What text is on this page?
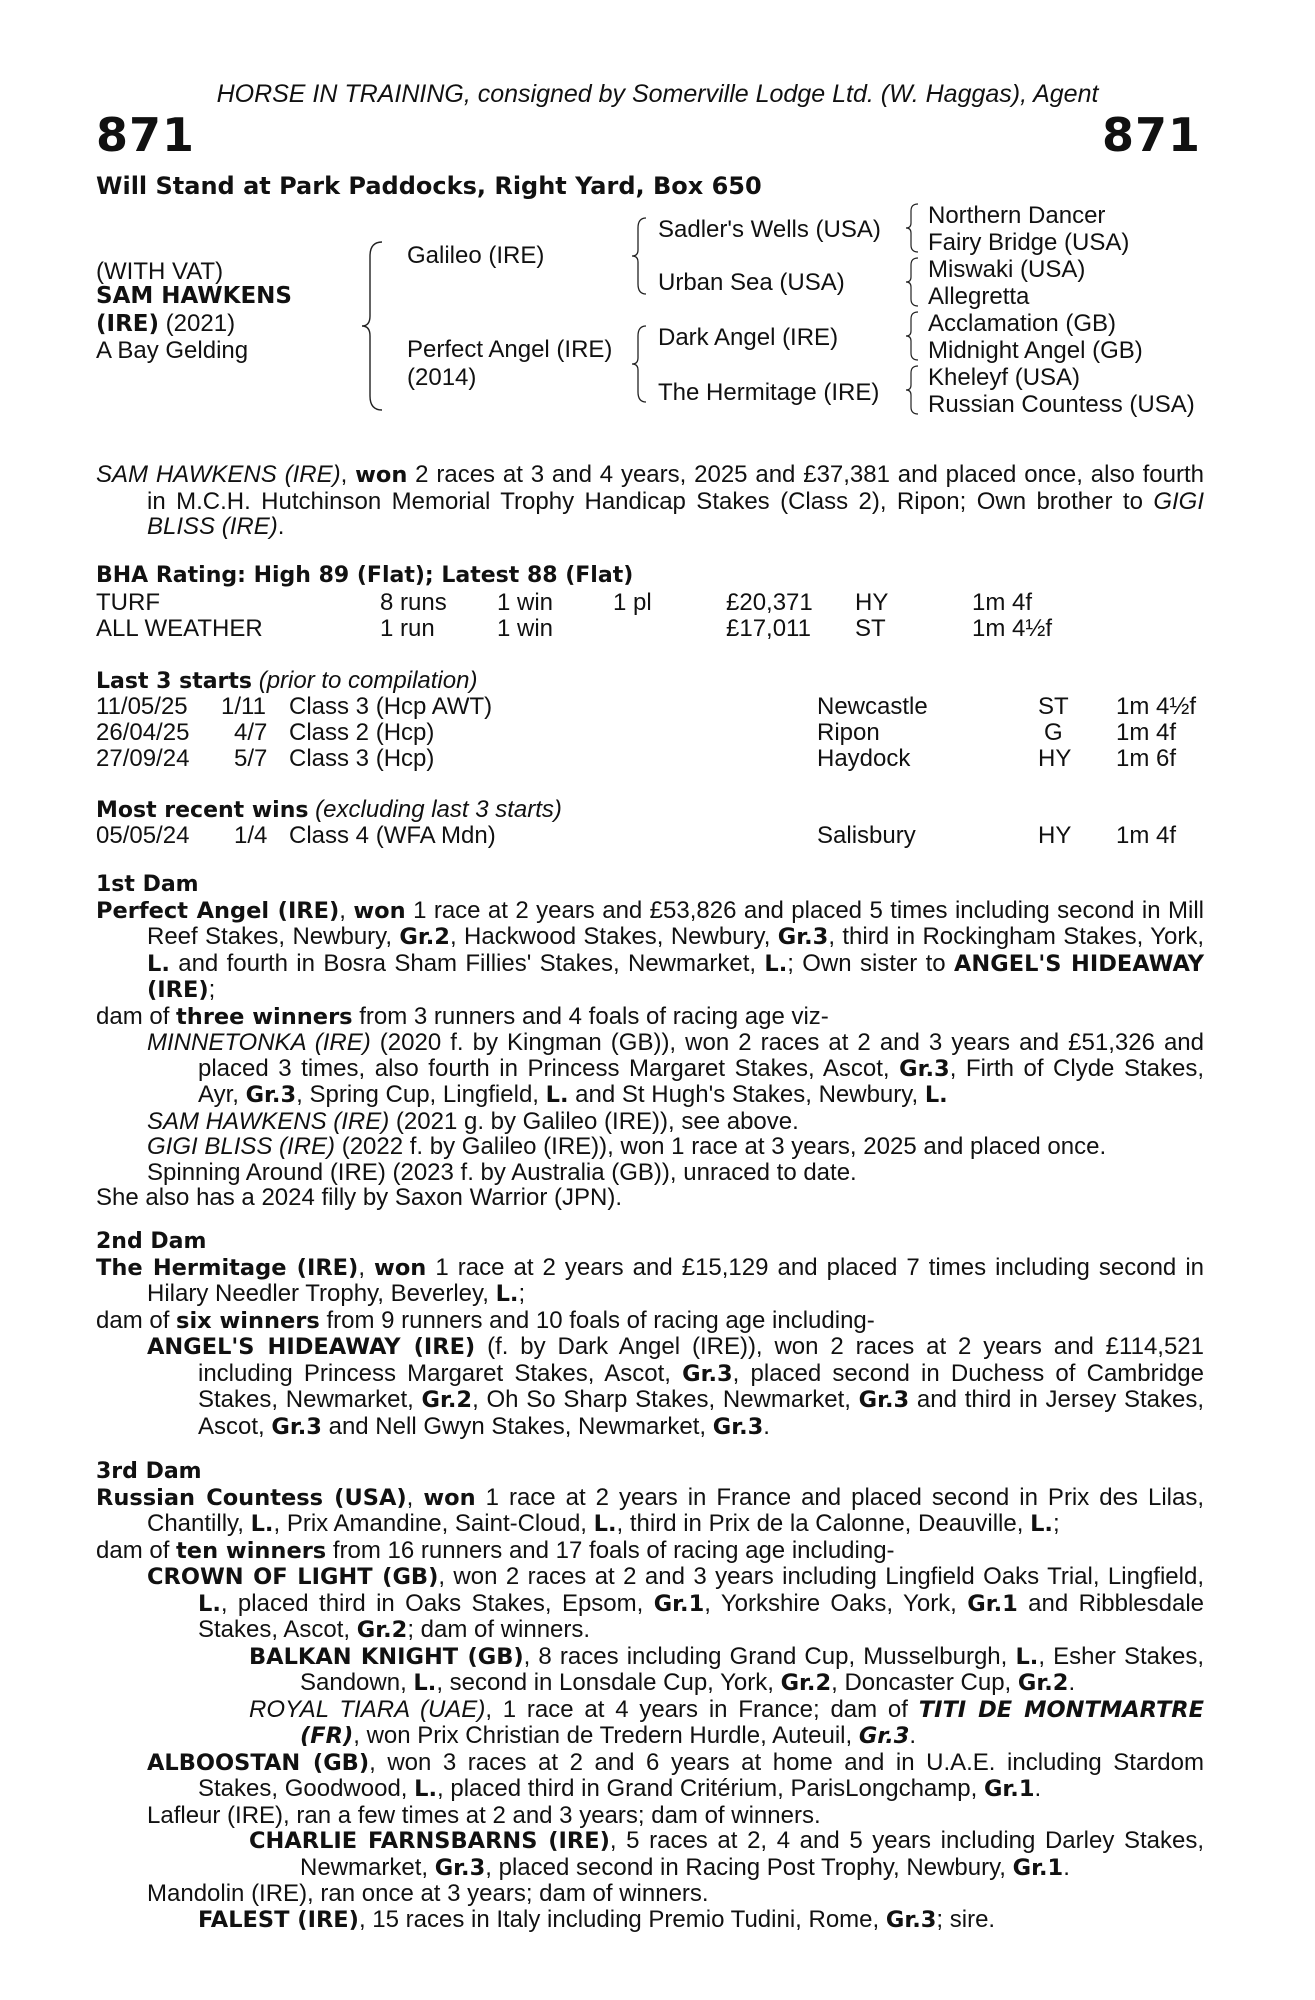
HORSE IN TRAINING, consigned by Somerville Lodge Ltd. (W. Haggas), Agent
871	871
Will Stand at Park Paddocks, Right Yard, Box 650
(WITH VAT)
SAM HAWKENS
(IRE) (2021)
A Bay Gelding
Galileo (IRE)
Perfect Angel (IRE)
(2014)
Sadler's Wells (USA)
Urban Sea (USA)
Dark Angel (IRE)
The Hermitage (IRE)
Northern Dancer
Fairy Bridge (USA)
Miswaki (USA)
Allegretta
Acclamation (GB)
Midnight Angel (GB)
Kheleyf (USA)
Russian Countess (USA)

SAM HAWKENS (IRE), won 2 races at 3 and 4 years, 2025 and £37,381 and placed once, also fourth in M.C.H. Hutchinson Memorial Trophy Handicap Stakes (Class 2), Ripon; Own brother to GIGI BLISS (IRE).

BHA Rating: High 89 (Flat); Latest 88 (Flat)
TURF	8 runs 1 win 1 pl	£20,371 HY	1m 4f
ALL WEATHER	1 run	1 win	£17,011 ST	1m 4½f
Last 3 starts (prior to compilation)
11/05/25 1/11 Class 3 (Hcp AWT)	Newcastle	ST 1m 4½f
26/04/25 4/7 Class 2 (Hcp)	Ripon	G 1m 4f
27/09/24 5/7 Class 3 (Hcp)	Haydock	HY 1m 6f
Most recent wins (excluding last 3 starts)
05/05/24 1/4 Class 4 (WFA Mdn)	Salisbury	HY 1m 4f

1st Dam

Perfect Angel (IRE), won 1 race at 2 years and £53,826 and placed 5 times including second in Mill Reef Stakes, Newbury, Gr.2, Hackwood Stakes, Newbury, Gr.3, third in Rockingham Stakes, York, L. and fourth in Bosra Sham Fillies' Stakes, Newmarket, L.; Own sister to ANGEL'S HIDEAWAY (IRE);

dam of three winners from 3 runners and 4 foals of racing age viz-

MINNETONKA (IRE) (2020 f. by Kingman (GB)), won 2 races at 2 and 3 years and £51,326 and placed 3 times, also fourth in Princess Margaret Stakes, Ascot, Gr.3, Firth of Clyde Stakes, Ayr, Gr.3, Spring Cup, Lingfield, L. and St Hugh's Stakes, Newbury, L.

SAM HAWKENS (IRE) (2021 g. by Galileo (IRE)), see above.

GIGI BLISS (IRE) (2022 f. by Galileo (IRE)), won 1 race at 3 years, 2025 and placed once.

Spinning Around (IRE) (2023 f. by Australia (GB)), unraced to date.

She also has a 2024 filly by Saxon Warrior (JPN).

2nd Dam

The Hermitage (IRE), won 1 race at 2 years and £15,129 and placed 7 times including second in Hilary Needler Trophy, Beverley, L.;

dam of six winners from 9 runners and 10 foals of racing age including-

ANGEL'S HIDEAWAY (IRE) (f. by Dark Angel (IRE)), won 2 races at 2 years and £114,521 including Princess Margaret Stakes, Ascot, Gr.3, placed second in Duchess of Cambridge Stakes, Newmarket, Gr.2, Oh So Sharp Stakes, Newmarket, Gr.3 and third in Jersey Stakes, Ascot, Gr.3 and Nell Gwyn Stakes, Newmarket, Gr.3.

3rd Dam

Russian Countess (USA), won 1 race at 2 years in France and placed second in Prix des Lilas, Chantilly, L., Prix Amandine, Saint-Cloud, L., third in Prix de la Calonne, Deauville, L.;

dam of ten winners from 16 runners and 17 foals of racing age including-

CROWN OF LIGHT (GB), won 2 races at 2 and 3 years including Lingfield Oaks Trial, Lingfield, L., placed third in Oaks Stakes, Epsom, Gr.1, Yorkshire Oaks, York, Gr.1 and Ribblesdale Stakes, Ascot, Gr.2; dam of winners.

BALKAN KNIGHT (GB), 8 races including Grand Cup, Musselburgh, L., Esher Stakes, Sandown, L., second in Lonsdale Cup, York, Gr.2, Doncaster Cup, Gr.2.

ROYAL TIARA (UAE), 1 race at 4 years in France; dam of TITI DE MONTMARTRE (FR), won Prix Christian de Tredern Hurdle, Auteuil, Gr.3.

ALBOOSTAN (GB), won 3 races at 2 and 6 years at home and in U.A.E. including Stardom Stakes, Goodwood, L., placed third in Grand Critérium, ParisLongchamp, Gr.1.

Lafleur (IRE), ran a few times at 2 and 3 years; dam of winners.

CHARLIE FARNSBARNS (IRE), 5 races at 2, 4 and 5 years including Darley Stakes, Newmarket, Gr.3, placed second in Racing Post Trophy, Newbury, Gr.1.

Mandolin (IRE), ran once at 3 years; dam of winners.

FALEST (IRE), 15 races in Italy including Premio Tudini, Rome, Gr.3; sire.
